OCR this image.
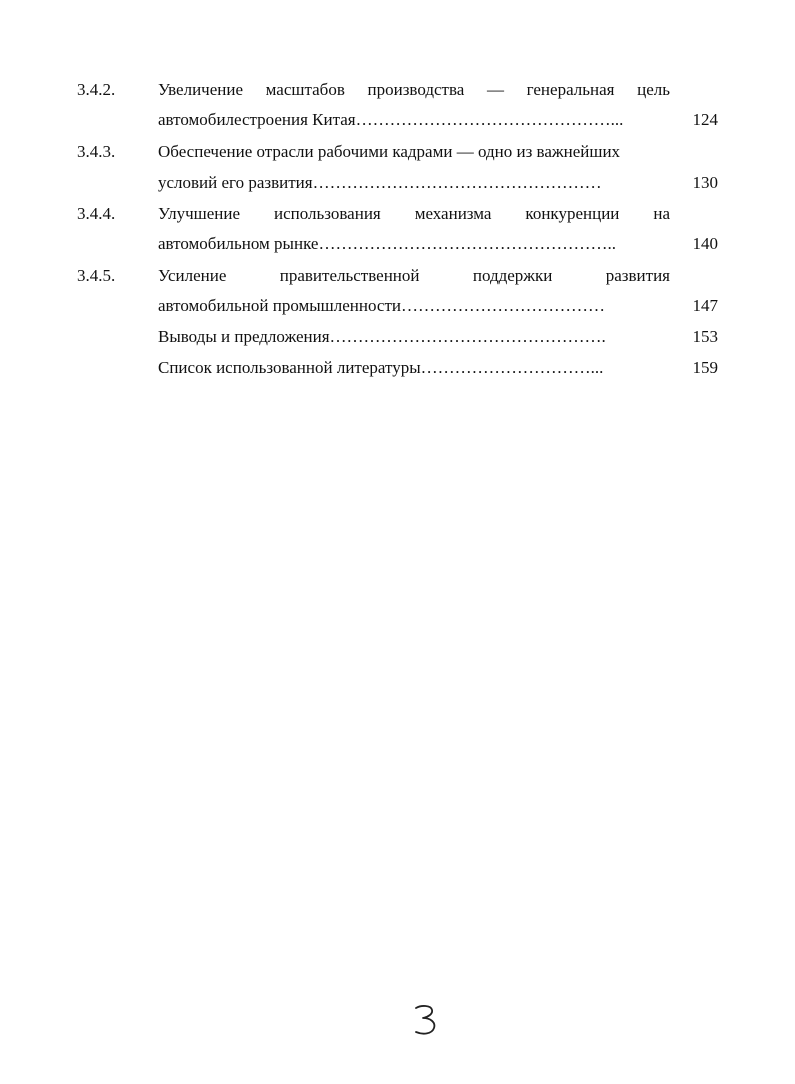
3.4.2.	Увеличение масштабов производства — генеральная цель
автомобилестроения Китая………………………………………...	124
3.4.3.	Обеспечение отрасли рабочими кадрами — одно из важнейших
условий его развития……………………………………………	130
3.4.4.	Улучшение использования механизма конкуренции на
автомобильном рынке……………………………………………..	140
3.4.5.	Усиление правительственной поддержки развития
автомобильной промышленности………………………………	147
Выводы и предложения………………………………………….	153
Список использованной литературы…………………………...	159
